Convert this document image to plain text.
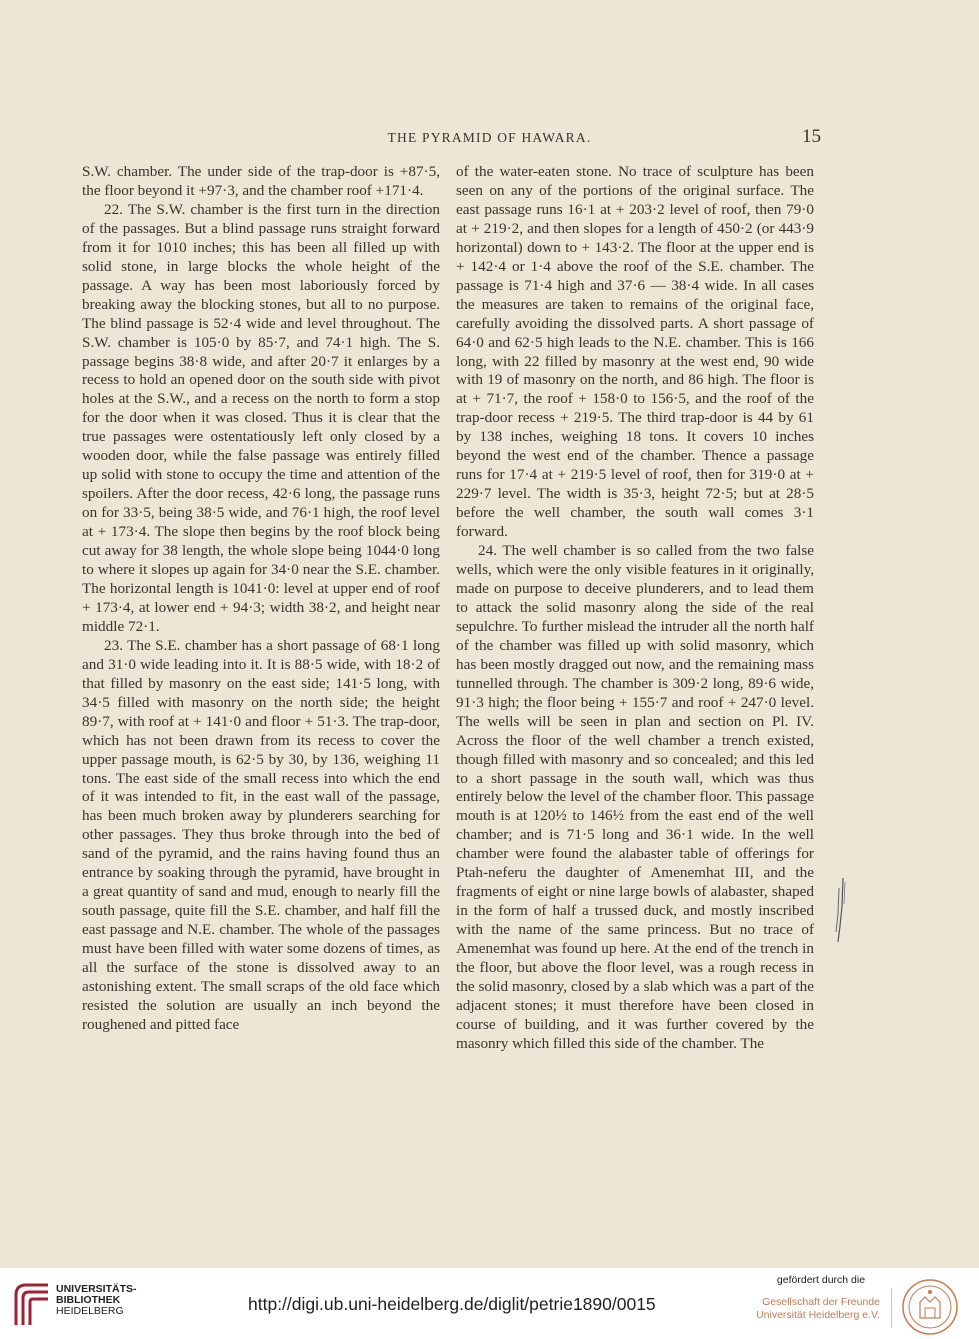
THE PYRAMID OF HAWARA.	15

S.W. chamber. The under side of the trap-door is +87·5, the floor beyond it +97·3, and the chamber roof +171·4.

22. The S.W. chamber is the first turn in the direction of the passages. But a blind passage runs straight forward from it for 1010 inches; this has been all filled up with solid stone, in large blocks the whole height of the passage. A way has been most laboriously forced by breaking away the blocking stones, but all to no purpose. The blind passage is 52·4 wide and level throughout. The S.W. chamber is 105·0 by 85·7, and 74·1 high. The S. passage begins 38·8 wide, and after 20·7 it enlarges by a recess to hold an opened door on the south side with pivot holes at the S.W., and a recess on the north to form a stop for the door when it was closed. Thus it is clear that the true passages were ostentatiously left only closed by a wooden door, while the false passage was entirely filled up solid with stone to occupy the time and attention of the spoilers. After the door recess, 42·6 long, the passage runs on for 33·5, being 38·5 wide, and 76·1 high, the roof level at + 173·4. The slope then begins by the roof block being cut away for 38 length, the whole slope being 1044·0 long to where it slopes up again for 34·0 near the S.E. chamber. The horizontal length is 1041·0: level at upper end of roof + 173·4, at lower end + 94·3; width 38·2, and height near middle 72·1.

23. The S.E. chamber has a short passage of 68·1 long and 31·0 wide leading into it. It is 88·5 wide, with 18·2 of that filled by masonry on the east side; 141·5 long, with 34·5 filled with masonry on the north side; the height 89·7, with roof at + 141·0 and floor + 51·3. The trap-door, which has not been drawn from its recess to cover the upper passage mouth, is 62·5 by 30, by 136, weighing 11 tons. The east side of the small recess into which the end of it was intended to fit, in the east wall of the passage, has been much broken away by plunderers searching for other passages. They thus broke through into the bed of sand of the pyramid, and the rains having found thus an entrance by soaking through the pyramid, have brought in a great quantity of sand and mud, enough to nearly fill the south passage, quite fill the S.E. chamber, and half fill the east passage and N.E. chamber. The whole of the passages must have been filled with water some dozens of times, as all the surface of the stone is dissolved away to an astonishing extent. The small scraps of the old face which resisted the solution are usually an inch beyond the roughened and pitted face

of the water-eaten stone. No trace of sculpture has been seen on any of the portions of the original surface. The east passage runs 16·1 at + 203·2 level of roof, then 79·0 at + 219·2, and then slopes for a length of 450·2 (or 443·9 horizontal) down to + 143·2. The floor at the upper end is + 142·4 or 1·4 above the roof of the S.E. chamber. The passage is 71·4 high and 37·6 — 38·4 wide. In all cases the measures are taken to remains of the original face, carefully avoiding the dissolved parts. A short passage of 64·0 and 62·5 high leads to the N.E. chamber. This is 166 long, with 22 filled by masonry at the west end, 90 wide with 19 of masonry on the north, and 86 high. The floor is at + 71·7, the roof + 158·0 to 156·5, and the roof of the trap-door recess + 219·5. The third trap-door is 44 by 61 by 138 inches, weighing 18 tons. It covers 10 inches beyond the west end of the chamber. Thence a passage runs for 17·4 at + 219·5 level of roof, then for 319·0 at + 229·7 level. The width is 35·3, height 72·5; but at 28·5 before the well chamber, the south wall comes 3·1 forward.

24. The well chamber is so called from the two false wells, which were the only visible features in it originally, made on purpose to deceive plunderers, and to lead them to attack the solid masonry along the side of the real sepulchre. To further mislead the intruder all the north half of the chamber was filled up with solid masonry, which has been mostly dragged out now, and the remaining mass tunnelled through. The chamber is 309·2 long, 89·6 wide, 91·3 high; the floor being + 155·7 and roof + 247·0 level. The wells will be seen in plan and section on Pl. IV. Across the floor of the well chamber a trench existed, though filled with masonry and so concealed; and this led to a short passage in the south wall, which was thus entirely below the level of the chamber floor. This passage mouth is at 120½ to 146½ from the east end of the well chamber; and is 71·5 long and 36·1 wide. In the well chamber were found the alabaster table of offerings for Ptah-neferu the daughter of Amenemhat III, and the fragments of eight or nine large bowls of alabaster, shaped in the form of half a trussed duck, and mostly inscribed with the name of the same princess. But no trace of Amenemhat was found up here. At the end of the trench in the floor, but above the floor level, was a rough recess in the solid masonry, closed by a slab which was a part of the adjacent stones; it must therefore have been closed in course of building, and it was further covered by the masonry which filled this side of the chamber. The

UNIVERSITÄTS-
BIBLIOTHEK
HEIDELBERG	http://digi.ub.uni-heidelberg.de/diglit/petrie1890/0015
gefördert durch die
Gesellschaft der Freunde
Universität Heidelberg e.V.
